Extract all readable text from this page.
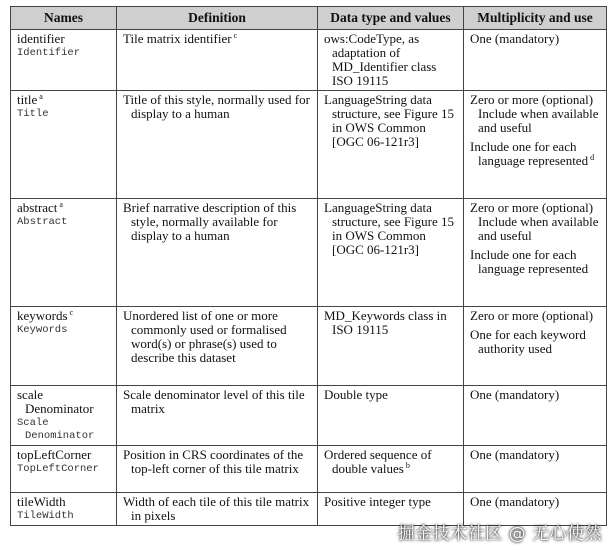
Names	Definition	Data type and values	Multiplicity and use

identifier
Identifier	Tile matrix identifier $^c$	ows:CodeType, as adaptation of MD_Identifier class ISO 19115	One (mandatory)

title $^a$
Title	Title of this style, normally used for display to a human	LanguageString data structure, see Figure 15 in OWS Common [OGC 06-121r3]	Zero or more (optional) Include when available and useful
Include one for each language represented $^d$

abstract $^a$
Abstract	Brief narrative description of this style, normally available for display to a human	LanguageString data structure, see Figure 15 in OWS Common [OGC 06-121r3]	Zero or more (optional) Include when available and useful
Include one for each language represented

keywords $^c$
Keywords	Unordered list of one or more commonly used or formalised word(s) or phrase(s) used to describe this dataset	MD_Keywords class in ISO 19115	Zero or more (optional)
One for each keyword authority used

scale Denominator
Scale Denominator	Scale denominator level of this tile matrix	Double type	One (mandatory)

topLeftCorner
TopLeftCorner	Position in CRS coordinates of the top-left corner of this tile matrix	Ordered sequence of double values $^b$	One (mandatory)

tileWidth
TileWidth	Width of each tile of this tile matrix in pixels	Positive integer type	One (mandatory)
掘金技术社区 @ 无心使然
